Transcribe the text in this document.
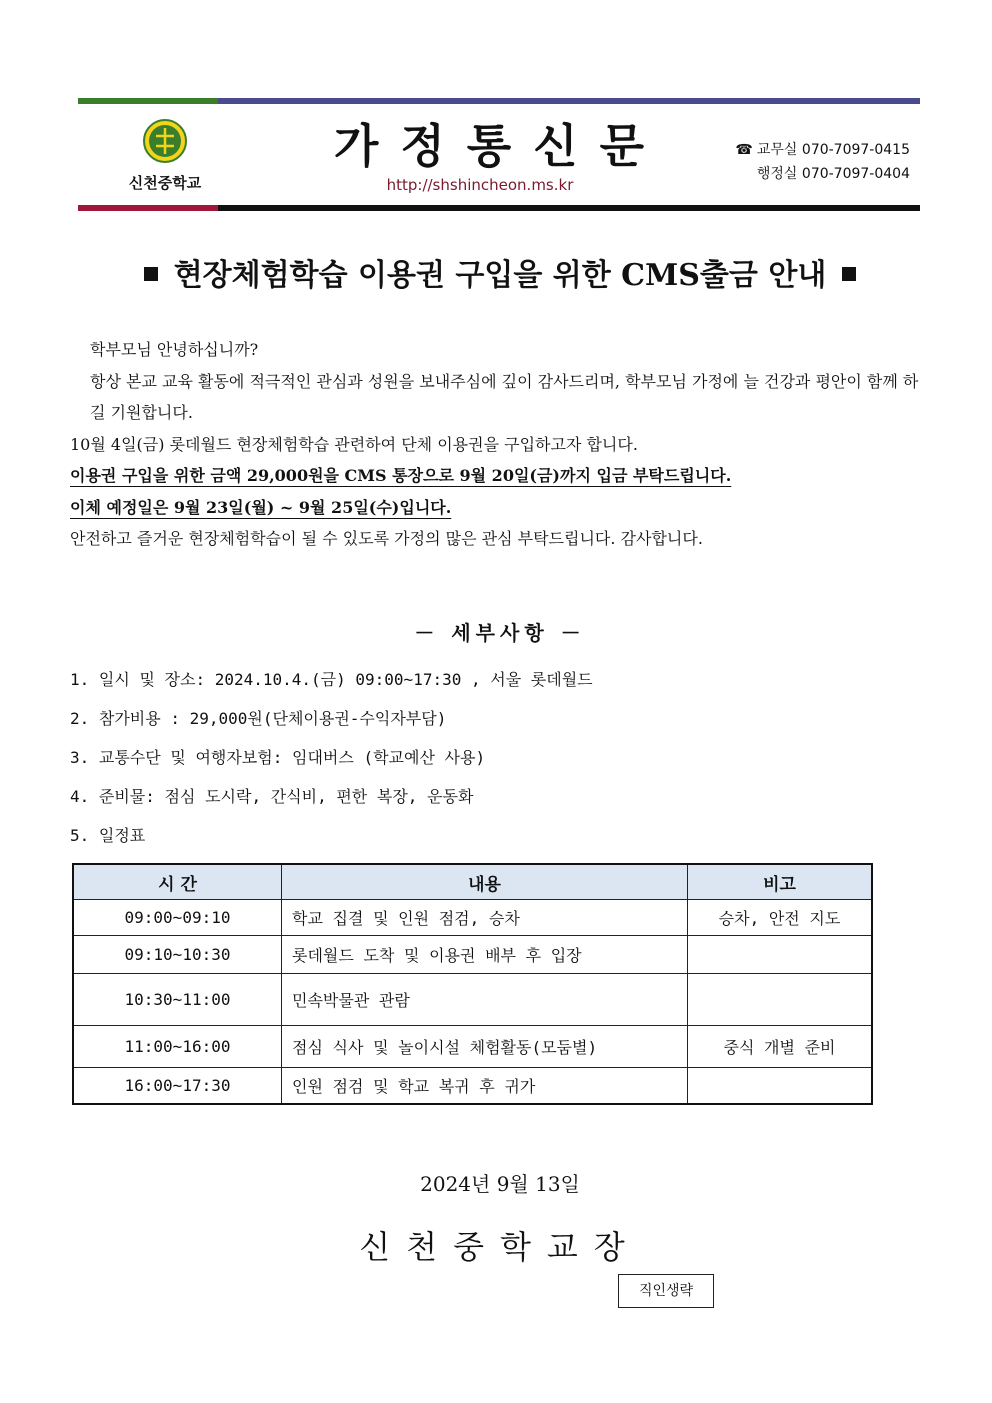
신천중학교
가정통신문
http://shshincheon.ms.kr
☎ 교무실 070-7097-0415
행정실 070-7097-0404
현장체험학습 이용권 구입을 위한 CMS출금 안내

학부모님 안녕하십니까?

항상 본교 교육 활동에 적극적인 관심과 성원을 보내주심에 깊이 감사드리며, 학부모님 가정에 늘 건강과 평안이 함께 하길 기원합니다.

10월 4일(금) 롯데월드 현장체험학습 관련하여 단체 이용권을 구입하고자 합니다.

이용권 구입을 위한 금액 29,000원을 CMS 통장으로 9월 20일(금)까지 입금 부탁드립니다.

이체 예정일은 9월 23일(월) ~ 9월 25일(수)입니다.

안전하고 즐거운 현장체험학습이 될 수 있도록 가정의 많은 관심 부탁드립니다. 감사합니다.

－ 세부사항 －

1. 일시 및 장소: 2024.10.4.(금) 09:00~17:30 , 서울 롯데월드

2. 참가비용 : 29,000원(단체이용권-수익자부담)

3. 교통수단 및 여행자보험: 임대버스 (학교예산 사용)

4. 준비물: 점심 도시락, 간식비, 편한 복장, 운동화

5. 일정표

시 간	내용	비고
09:00~09:10	학교 집결 및 인원 점검, 승차	승차, 안전 지도
09:10~10:30	롯데월드 도착 및 이용권 배부 후 입장	
10:30~11:00	민속박물관 관람	
11:00~16:00	점심 식사 및 놀이시설 체험활동(모둠별)	중식 개별 준비
16:00~17:30	인원 점검 및 학교 복귀 후 귀가	
2024년 9월 13일
신천중학교장
직인생략
